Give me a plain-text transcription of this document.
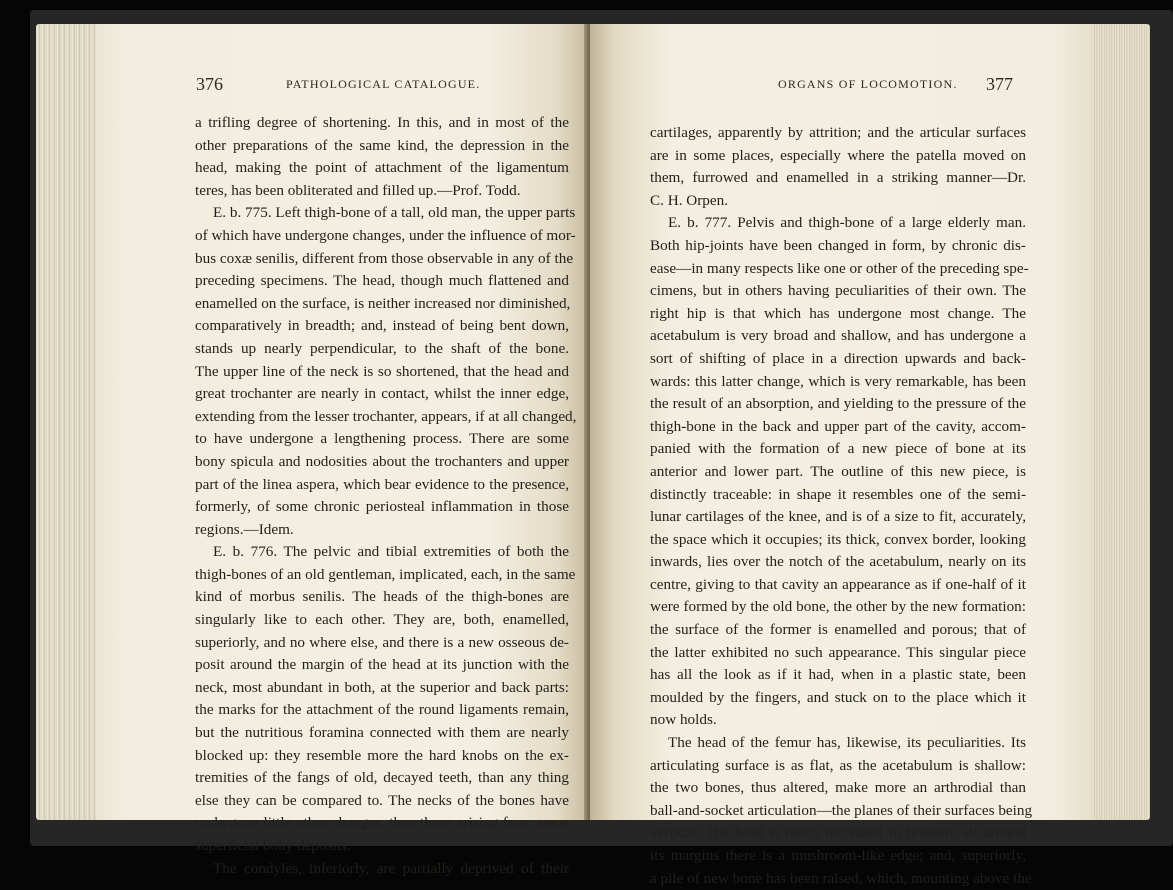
376	PATHOLOGICAL CATALOGUE.
a trifling degree of shortening. In this, and in most of the
other preparations of the same kind, the depression in the
head, making the point of attachment of the ligamentum
teres, has been obliterated and filled up.—Prof. Todd.
E. b. 775. Left thigh-bone of a tall, old man, the upper parts
of which have undergone changes, under the influence of mor-
bus coxæ senilis, different from those observable in any of the
preceding specimens. The head, though much flattened and
enamelled on the surface, is neither increased nor diminished,
comparatively in breadth; and, instead of being bent down,
stands up nearly perpendicular, to the shaft of the bone.
The upper line of the neck is so shortened, that the head and
great trochanter are nearly in contact, whilst the inner edge,
extending from the lesser trochanter, appears, if at all changed,
to have undergone a lengthening process. There are some
bony spicula and nodosities about the trochanters and upper
part of the linea aspera, which bear evidence to the presence,
formerly, of some chronic periosteal inflammation in those
regions.—Idem.
E. b. 776. The pelvic and tibial extremities of both the
thigh-bones of an old gentleman, implicated, each, in the same
kind of morbus senilis. The heads of the thigh-bones are
singularly like to each other. They are, both, enamelled,
superiorly, and no where else, and there is a new osseous de-
posit around the margin of the head at its junction with the
neck, most abundant in both, at the superior and back parts:
the marks for the attachment of the round ligaments remain,
but the nutritious foramina connected with them are nearly
blocked up: they resemble more the hard knobs on the ex-
tremities of the fangs of old, decayed teeth, than any thing
else they can be compared to. The necks of the bones have
undergone little other changes, than those arising from some
superficial bony deposits.
The condyles, inferiorly, are partially deprived of their
ORGANS OF LOCOMOTION. 377
cartilages, apparently by attrition; and the articular surfaces
are in some places, especially where the patella moved on
them, furrowed and enamelled in a striking manner—Dr.
C. H. Orpen.
E. b. 777. Pelvis and thigh-bone of a large elderly man.
Both hip-joints have been changed in form, by chronic dis-
ease—in many respects like one or other of the preceding spe-
cimens, but in others having peculiarities of their own. The
right hip is that which has undergone most change. The
acetabulum is very broad and shallow, and has undergone a
sort of shifting of place in a direction upwards and back-
wards: this latter change, which is very remarkable, has been
the result of an absorption, and yielding to the pressure of the
thigh-bone in the back and upper part of the cavity, accom-
panied with the formation of a new piece of bone at its
anterior and lower part. The outline of this new piece, is
distinctly traceable: in shape it resembles one of the semi-
lunar cartilages of the knee, and is of a size to fit, accurately,
the space which it occupies; its thick, convex border, looking
inwards, lies over the notch of the acetabulum, nearly on its
centre, giving to that cavity an appearance as if one-half of it
were formed by the old bone, the other by the new formation:
the surface of the former is enamelled and porous; that of
the latter exhibited no such appearance. This singular piece
has all the look as if it had, when in a plastic state, been
moulded by the fingers, and stuck on to the place which it
now holds.
The head of the femur has, likewise, its peculiarities. Its
articulating surface is as flat, as the acetabulum is shallow:
the two bones, thus altered, make more an arthrodial than
ball-and-socket articulation—the planes of their surfaces being
vertical. The head is much increased in breadth: all around
its margins there is a mushroom-like edge; and, superiorly,
a pile of new bone has been raised, which, mounting above the
